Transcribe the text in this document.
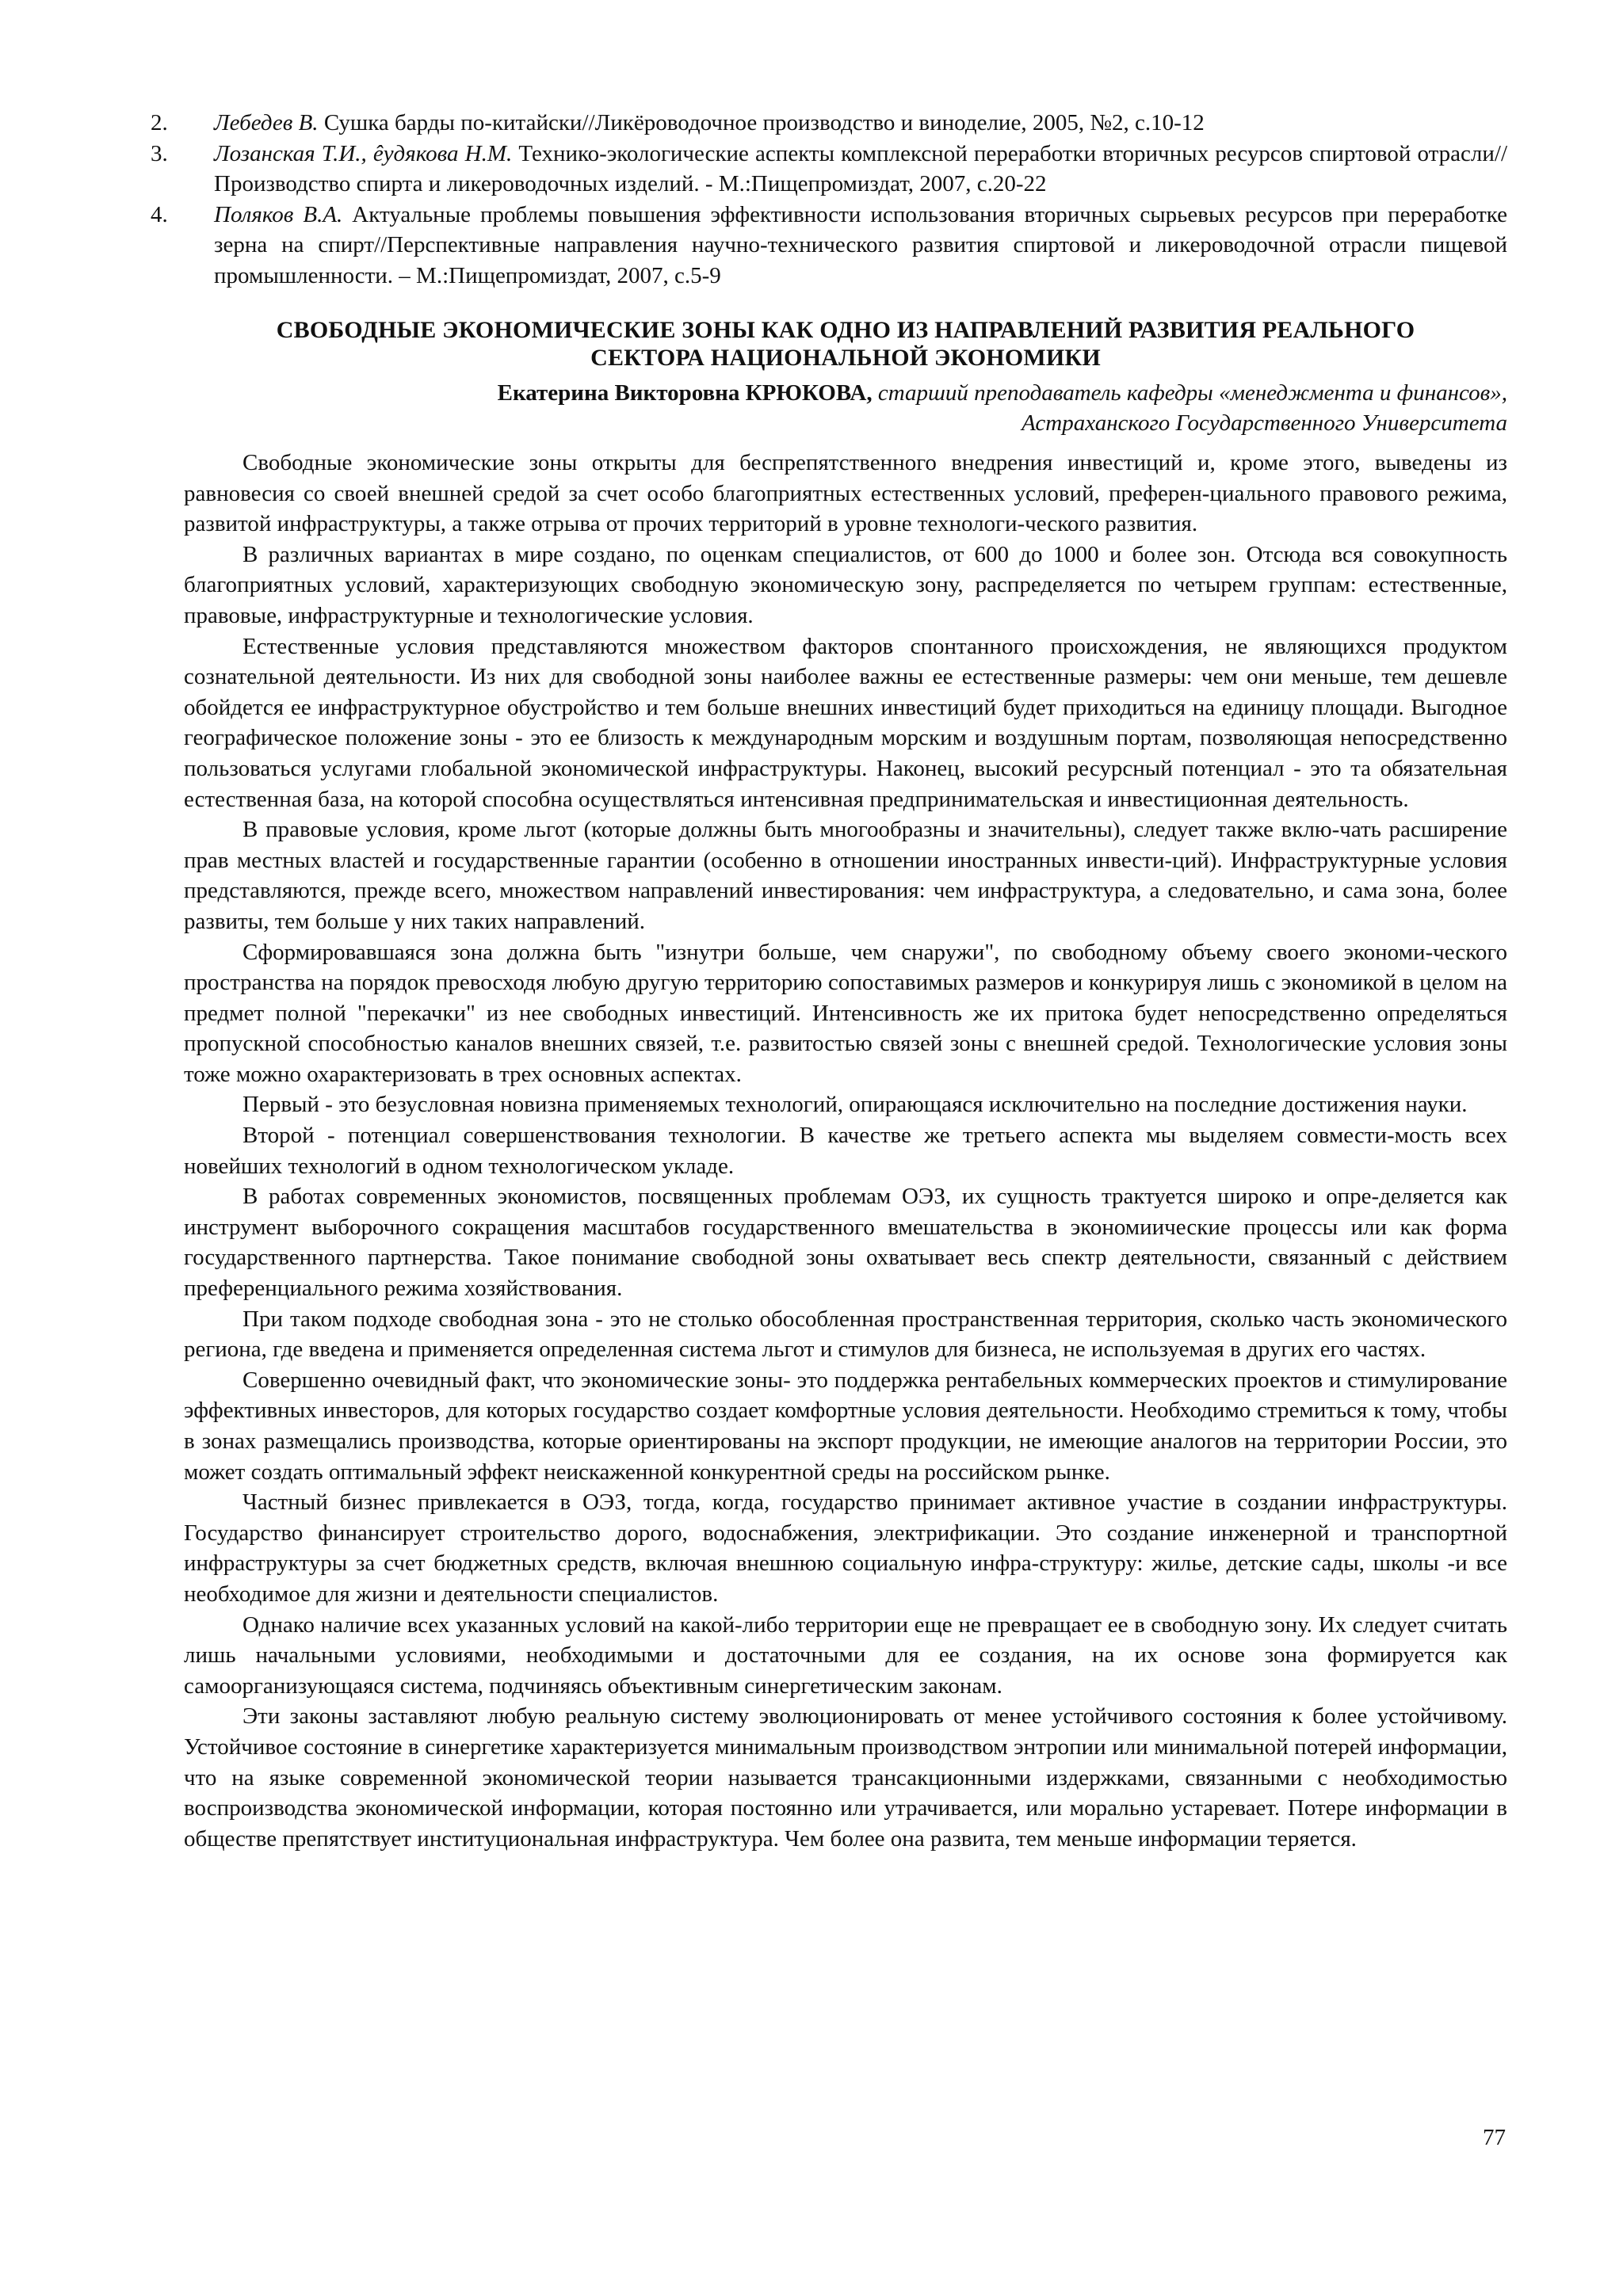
2.	Лебедев В. Сушка барды по-китайски//Ликёроводочное производство и виноделие, 2005, №2, с.10-12
3.	Лозанская Т.И., êудякова Н.М. Технико-экологические аспекты комплексной переработки вторичных ресурсов спиртовой отрасли//Производство спирта и ликероводочных изделий. - М.:Пищепромиздат, 2007, с.20-22
4.	Поляков В.А. Актуальные проблемы повышения эффективности использования вторичных сырьевых ресурсов при переработке зерна на спирт//Перспективные направления научно-технического развития спиртовой и ликероводочной отрасли пищевой промышленности. – М.:Пищепромиздат, 2007, с.5-9
СВОБОДНЫЕ ЭКОНОМИЧЕСКИЕ ЗОНЫ КАК ОДНО ИЗ НАПРАВЛЕНИЙ РАЗВИТИЯ РЕАЛЬНОГО
СЕКТОРА НАЦИОНАЛЬНОЙ ЭКОНОМИКИ
Екатерина Викторовна КРЮКОВА, старший преподаватель кафедры «менеджмента и финансов»,
Астраханского Государственного Университета

Свободные экономические зоны открыты для беспрепятственного внедрения инвестиций и, кроме этого, выведены из равновесия со своей внешней средой за счет особо благоприятных естественных условий, преферен-циального правового режима, развитой инфраструктуры, а также отрыва от прочих территорий в уровне технологи-ческого развития.

В различных вариантах в мире создано, по оценкам специалистов, от 600 до 1000 и более зон. Отсюда вся совокупность благоприятных условий, характеризующих свободную экономическую зону, распределяется по четырем группам: естественные, правовые, инфраструктурные и технологические условия.

Естественные условия представляются множеством факторов спонтанного происхождения, не являющихся продуктом сознательной деятельности. Из них для свободной зоны наиболее важны ее естественные размеры: чем они меньше, тем дешевле обойдется ее инфраструктурное обустройство и тем больше внешних инвестиций будет приходиться на единицу площади. Выгодное географическое положение зоны - это ее близость к международным морским и воздушным портам, позволяющая непосредственно пользоваться услугами глобальной экономической инфраструктуры. Наконец, высокий ресурсный потенциал - это та обязательная естественная база, на которой способна осуществляться интенсивная предпринимательская и инвестиционная деятельность.

В правовые условия, кроме льгот (которые должны быть многообразны и значительны), следует также вклю-чать расширение прав местных властей и государственные гарантии (особенно в отношении иностранных инвести-ций). Инфраструктурные условия представляются, прежде всего, множеством направлений инвестирования: чем инфраструктура, а следовательно, и сама зона, более развиты, тем больше у них таких направлений.

Сформировавшаяся зона должна быть "изнутри больше, чем снаружи", по свободному объему своего экономи-ческого пространства на порядок превосходя любую другую территорию сопоставимых размеров и конкурируя лишь с экономикой в целом на предмет полной "перекачки" из нее свободных инвестиций. Интенсивность же их притока будет непосредственно определяться пропускной способностью каналов внешних связей, т.е. развитостью связей зоны с внешней средой. Технологические условия зоны тоже можно охарактеризовать в трех основных аспектах.

Первый - это безусловная новизна применяемых технологий, опирающаяся исключительно на последние достижения науки.

Второй - потенциал совершенствования технологии. В качестве же третьего аспекта мы выделяем совмести-мость всех новейших технологий в одном технологическом укладе.

В работах современных экономистов, посвященных проблемам ОЭЗ, их сущность трактуется широко и опре-деляется как инструмент выборочного сокращения масштабов государственного вмешательства в экономиические процессы или как форма государственного партнерства. Такое понимание свободной зоны охватывает весь спектр деятельности, связанный с действием преференциального режима хозяйствования.

При таком подходе свободная зона - это не столько обособленная пространственная территория, сколько часть экономического региона, где введена и применяется определенная система льгот и стимулов для бизнеса, не используемая в других его частях.

Совершенно очевидный факт, что экономические зоны- это поддержка рентабельных коммерческих проектов и стимулирование эффективных инвесторов, для которых государство создает комфортные условия деятельности. Необходимо стремиться к тому, чтобы в зонах размещались производства, которые ориентированы на экспорт продукции, не имеющие аналогов на территории России, это может создать оптимальный эффект неискаженной конкурентной среды на российском рынке.

Частный бизнес привлекается в ОЭЗ, тогда, когда, государство принимает активное участие в создании инфраструктуры. Государство финансирует строительство дорого, водоснабжения, электрификации. Это создание инженерной и транспортной инфраструктуры за счет бюджетных средств, включая внешнюю социальную инфра-структуру: жилье, детские сады, школы -и все необходимое для жизни и деятельности специалистов.

Однако наличие всех указанных условий на какой-либо территории еще не превращает ее в свободную зону. Их следует считать лишь начальными условиями, необходимыми и достаточными для ее создания, на их основе зона формируется как самоорганизующаяся система, подчиняясь объективным синергетическим законам.

Эти законы заставляют любую реальную систему эволюционировать от менее устойчивого состояния к более устойчивому. Устойчивое состояние в синергетике характеризуется минимальным производством энтропии или минимальной потерей информации, что на языке современной экономической теории называется трансакционными издержками, связанными с необходимостью воспроизводства экономической информации, которая постоянно или утрачивается, или морально устаревает. Потере информации в обществе препятствует институциональная инфраструктура. Чем более она развита, тем меньше информации теряется.

77
